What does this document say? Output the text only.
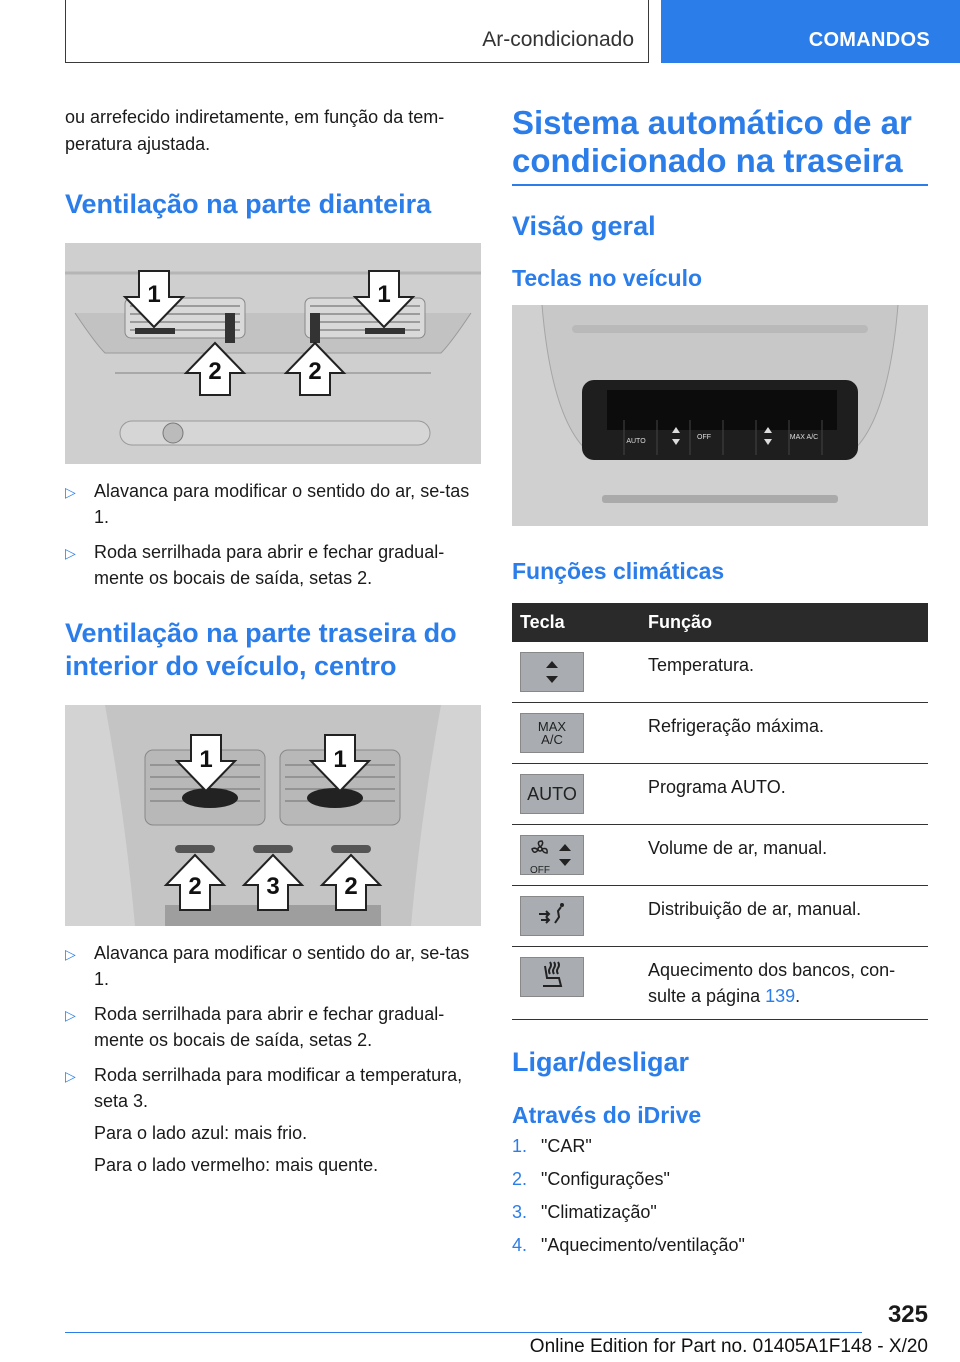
Ar-condicionado	COMANDOS

ou arrefecido indiretamente, em função da tem-peratura ajustada.

Ventilação na parte dianteira
1	1
2	2
▷ Alavanca para modificar o sentido do ar, se-tas 1.
▷ Roda serrilhada para abrir e fechar gradual-mente os bocais de saída, setas 2.
Ventilação na parte traseira do interior do veículo, centro
1	1
2	3	2
▷ Alavanca para modificar o sentido do ar, se-tas 1.
▷ Roda serrilhada para abrir e fechar gradual-mente os bocais de saída, setas 2.
▷ Roda serrilhada para modificar a temperatura, seta 3.
Para o lado azul: mais frio.
Para o lado vermelho: mais quente.
Sistema automático de ar condicionado na traseira
Visão geral
Teclas no veículo
AUTO
OFF	MAX A/C
Funções climáticas
Tecla	Função

	Temperatura.

MAX
A/C	Refrigeração máxima.

AUTO	Programa AUTO.

OFF	Volume de ar, manual.

	Distribuição de ar, manual.

	Aquecimento dos bancos, con-sulte a página 139.
Ligar/desligar
Através do iDrive
1. "CAR"
2. "Configurações"
3. "Climatização"
4. "Aquecimento/ventilação"
325
Online Edition for Part no. 01405A1F148 - X/20
